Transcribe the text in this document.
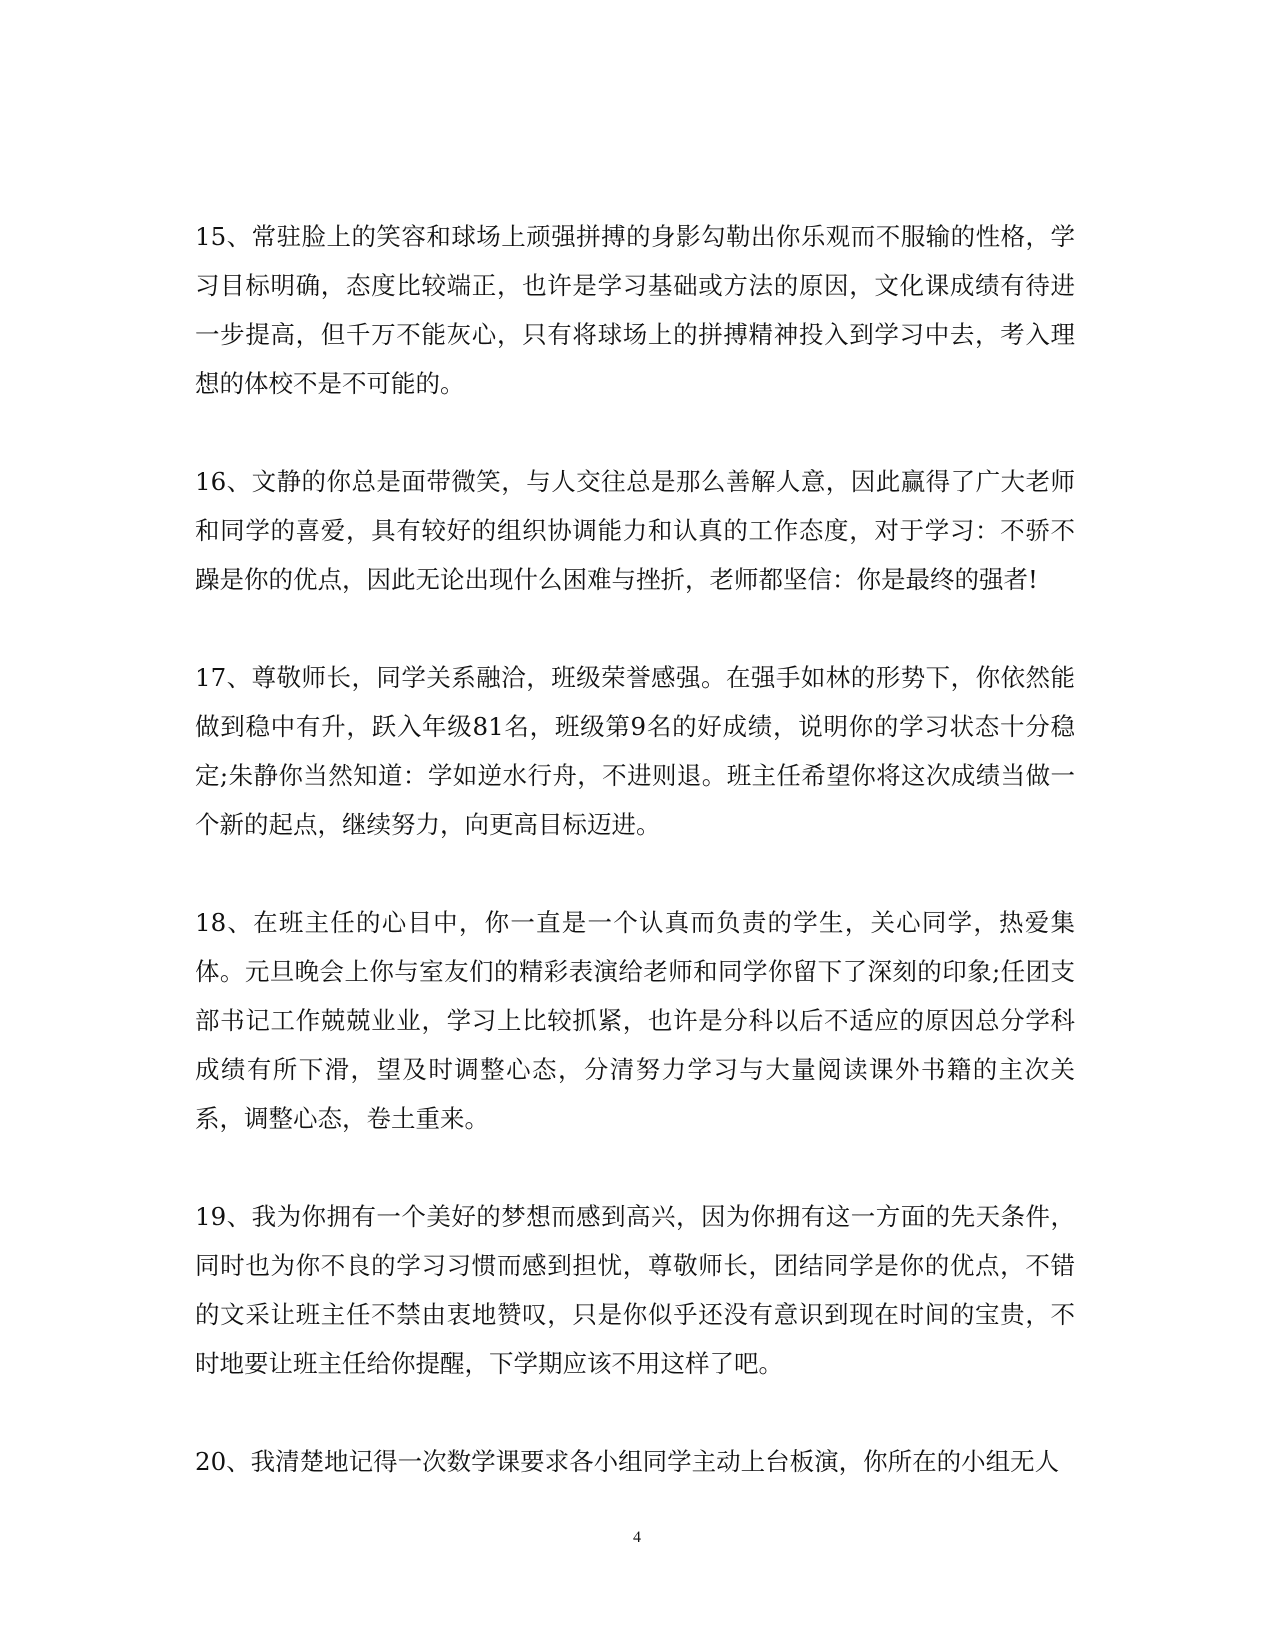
15、常驻脸上的笑容和球场上顽强拼搏的身影勾勒出你乐观而不服输的性格，学习目标明确，态度比较端正，也许是学习基础或方法的原因，文化课成绩有待进一步提高，但千万不能灰心，只有将球场上的拼搏精神投入到学习中去，考入理想的体校不是不可能的。

16、文静的你总是面带微笑，与人交往总是那么善解人意，因此赢得了广大老师和同学的喜爱，具有较好的组织协调能力和认真的工作态度，对于学习：不骄不躁是你的优点，因此无论出现什么困难与挫折，老师都坚信：你是最终的强者!

17、尊敬师长，同学关系融洽，班级荣誉感强。在强手如林的形势下，你依然能做到稳中有升，跃入年级81名，班级第9名的好成绩，说明你的学习状态十分稳定;朱静你当然知道：学如逆水行舟，不进则退。班主任希望你将这次成绩当做一个新的起点，继续努力，向更高目标迈进。

18、在班主任的心目中，你一直是一个认真而负责的学生，关心同学，热爱集体。元旦晚会上你与室友们的精彩表演给老师和同学你留下了深刻的印象;任团支部书记工作兢兢业业，学习上比较抓紧，也许是分科以后不适应的原因总分学科成绩有所下滑，望及时调整心态，分清努力学习与大量阅读课外书籍的主次关系，调整心态，卷土重来。

19、我为你拥有一个美好的梦想而感到高兴，因为你拥有这一方面的先天条件，同时也为你不良的学习习惯而感到担忧，尊敬师长，团结同学是你的优点，不错的文采让班主任不禁由衷地赞叹，只是你似乎还没有意识到现在时间的宝贵，不时地要让班主任给你提醒，下学期应该不用这样了吧。

20、我清楚地记得一次数学课要求各小组同学主动上台板演，你所在的小组无人

4
